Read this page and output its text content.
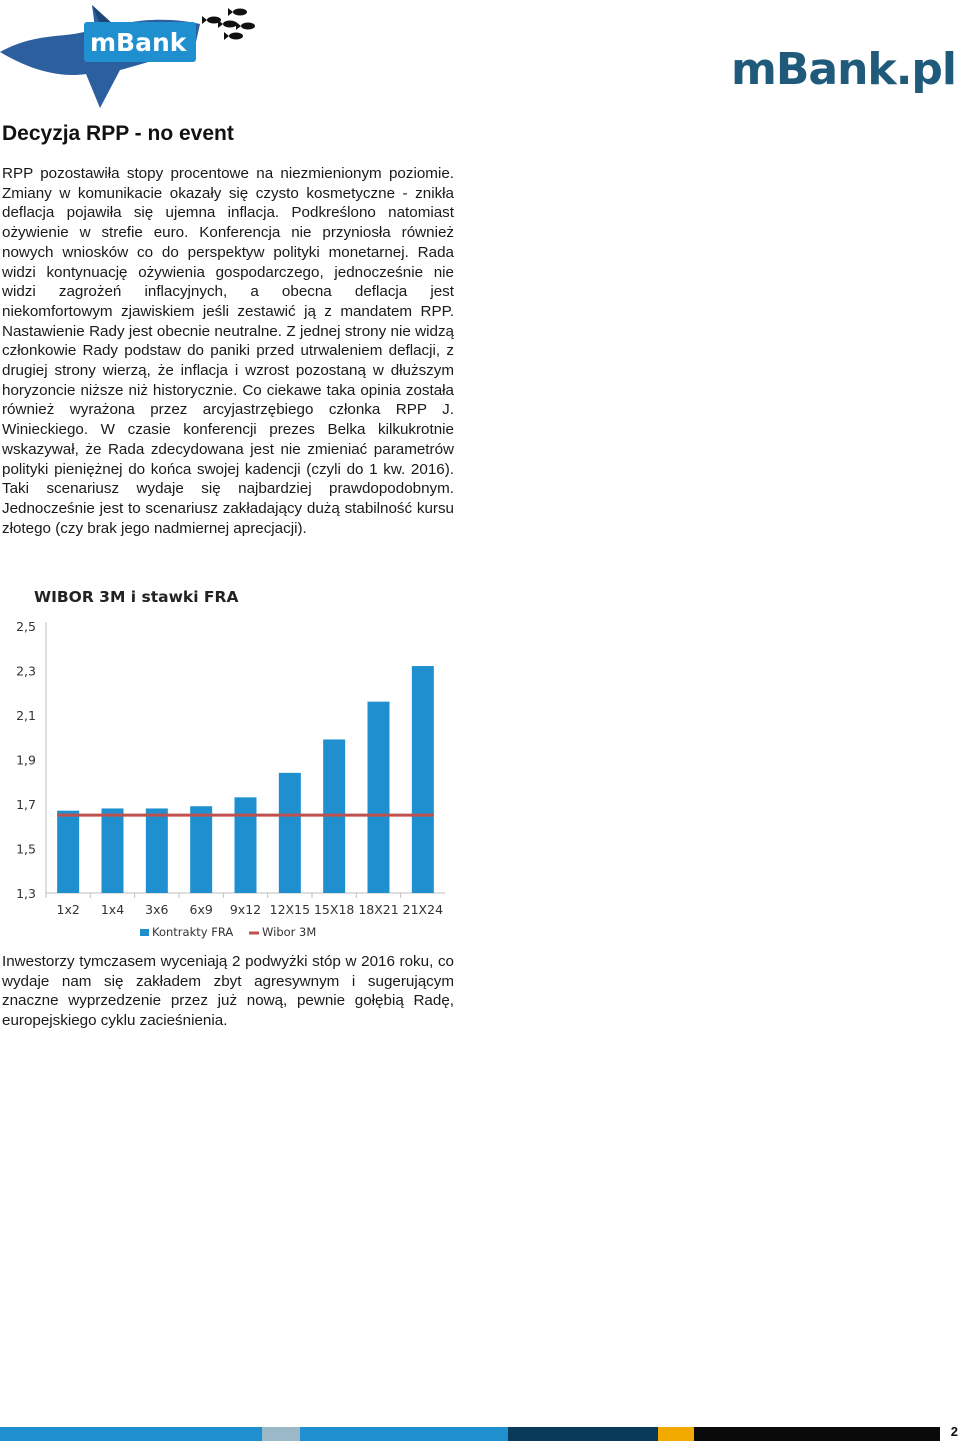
mBank
mBank.pl
Decyzja RPP - no event

RPP pozostawiła stopy procentowe na niezmienionym poziomie. Zmiany w komunikacie okazały się czysto kosmetyczne - znikła deflacja pojawiła się ujemna inflacja. Podkreślono natomiast ożywienie w strefie euro. Konferencja nie przyniosła również nowych wniosków co do perspektyw polityki monetarnej. Rada widzi kontynuację ożywienia gospodarczego, jednocześnie nie widzi zagrożeń inflacyjnych, a obecna deflacja jest niekomfortowym zjawiskiem jeśli zestawić ją z mandatem RPP. Nastawienie Rady jest obecnie neutralne. Z jednej strony nie widzą członkowie Rady podstaw do paniki przed utrwaleniem deflacji, z drugiej strony wierzą, że inflacja i wzrost pozostaną w dłuższym horyzoncie niższe niż historycznie. Co ciekawe taka opinia została również wyrażona przez arcyjastrzębiego członka RPP J. Winieckiego. W czasie konferencji prezes Belka kilkukrotnie wskazywał, że Rada zdecydowana jest nie zmieniać parametrów polityki pieniężnej do końca swojej kadencji (czyli do 1 kw. 2016). Taki scenariusz wydaje się najbardziej prawdopodobnym. Jednocześnie jest to scenariusz zakładający dużą stabilność kursu złotego (czy brak jego nadmiernej aprecjacji).

WIBOR 3M i stawki FRA
2,5
2,3
2,1
1,9
1,7
1,5
1,3
1x2 1x4 3x6 6x9 9x12 12X15 15X18 18X21 21X24
Kontrakty FRA	Wibor 3M

Inwestorzy tymczasem wyceniają 2 podwyżki stóp w 2016 roku, co wydaje nam się zakładem zbyt agresywnym i sugerującym znaczne wyprzedzenie przez już nową, pewnie gołębią Radę, europejskiego cyklu zacieśnienia.

2
